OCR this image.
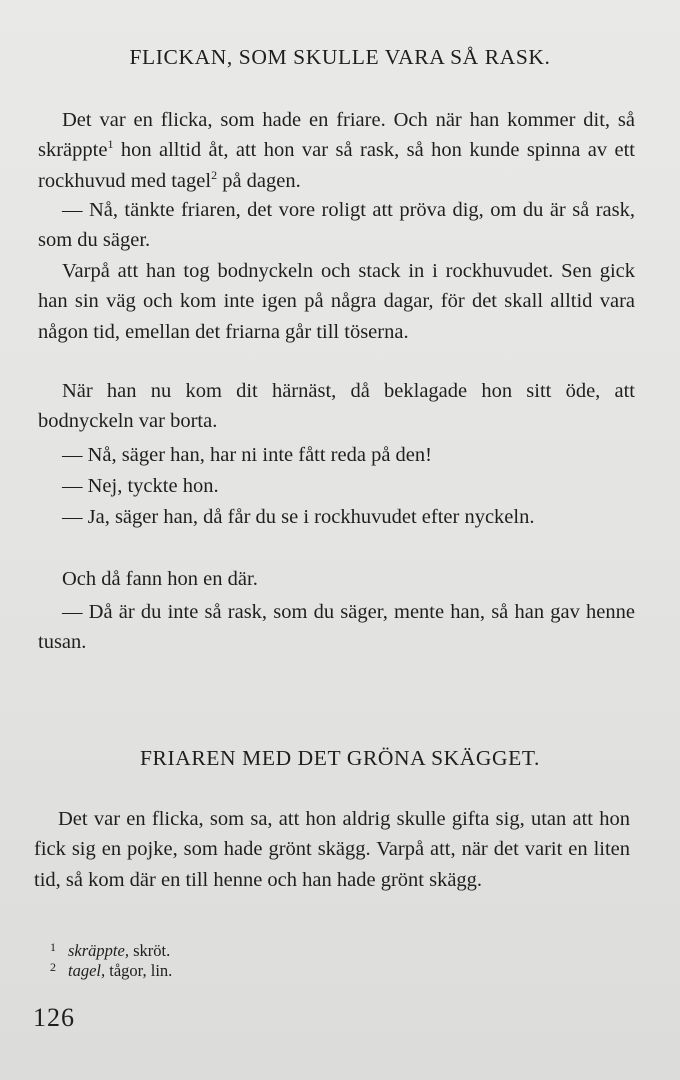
FLICKAN, SOM SKULLE VARA SÅ RASK.
Det var en flicka, som hade en friare. Och när han kommer dit, så skräppte$^1$ hon alltid åt, att hon var så rask, så hon kunde spinna av ett rockhuvud med tagel$^2$ på dagen.
— Nå, tänkte friaren, det vore roligt att pröva dig, om du är så rask, som du säger.
Varpå att han tog bodnyckeln och stack in i rockhuvudet. Sen gick han sin väg och kom inte igen på några dagar, för det skall alltid vara någon tid, emellan det friarna går till töserna.
När han nu kom dit härnäst, då beklagade hon sitt öde, att bodnyckeln var borta.
— Nå, säger han, har ni inte fått reda på den!
— Nej, tyckte hon.
— Ja, säger han, då får du se i rockhuvudet efter nyckeln.
Och då fann hon en där.
— Då är du inte så rask, som du säger, mente han, så han gav henne tusan.
FRIAREN MED DET GRÖNA SKÄGGET.
Det var en flicka, som sa, att hon aldrig skulle gifta sig, utan att hon fick sig en pojke, som hade grönt skägg. Varpå att, när det varit en liten tid, så kom där en till henne och han hade grönt skägg.
1 skräppte, skröt.
2 tagel, tågor, lin.
126
